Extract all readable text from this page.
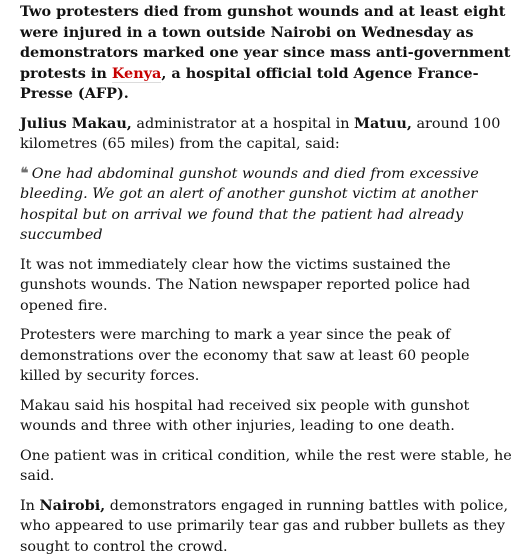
Two protesters died from gunshot wounds and at least eight were injured in a town outside Nairobi on Wednesday as demonstrators marked one year since mass anti-government protests in Kenya, a hospital official told Agence France-Presse (AFP).

Julius Makau, administrator at a hospital in Matuu, around 100 kilometres (65 miles) from the capital, said:

❛❛ One had abdominal gunshot wounds and died from excessive bleeding. We got an alert of another gunshot victim at another hospital but on arrival we found that the patient had already succumbed

It was not immediately clear how the victims sustained the gunshots wounds. The Nation newspaper reported police had opened fire.

Protesters were marching to mark a year since the peak of demonstrations over the economy that saw at least 60 people killed by security forces.

Makau said his hospital had received six people with gunshot wounds and three with other injuries, leading to one death.

One patient was in critical condition, while the rest were stable, he said.

In Nairobi, demonstrators engaged in running battles with police, who appeared to use primarily tear gas and rubber bullets as they sought to control the crowd.
